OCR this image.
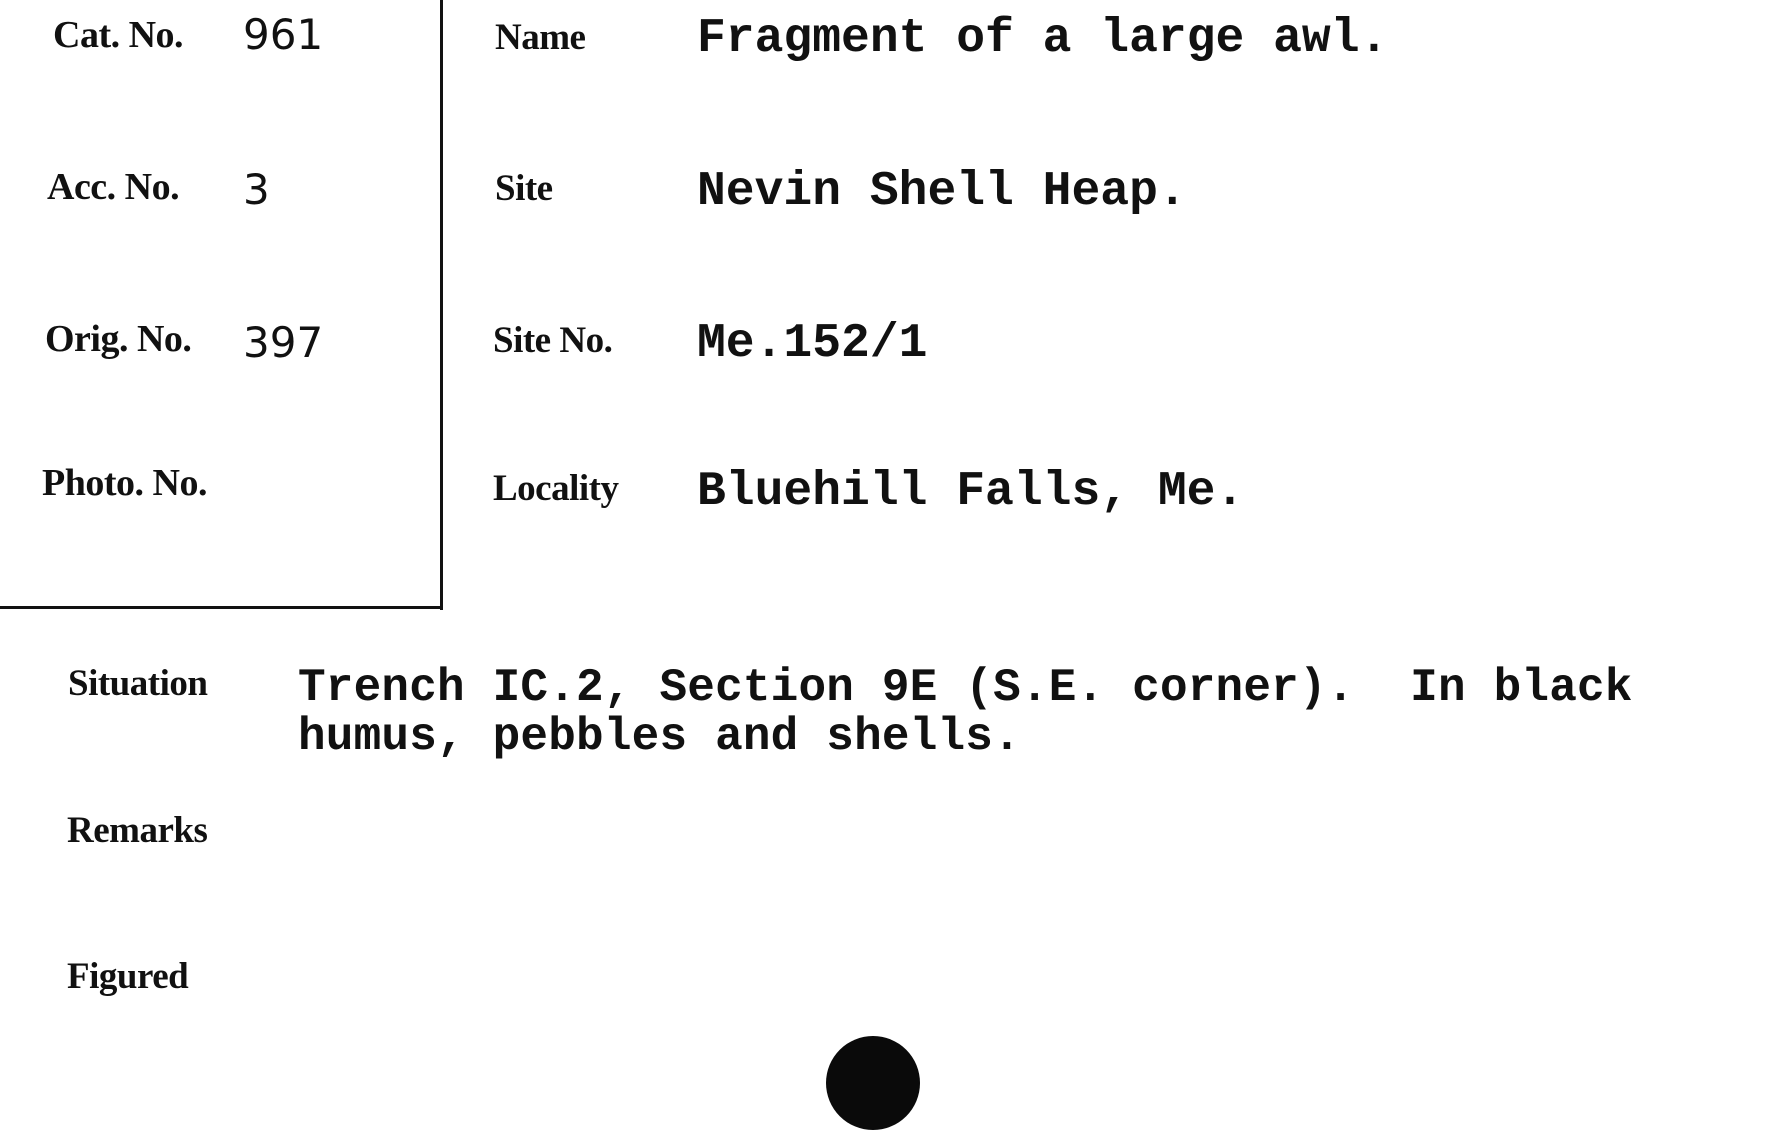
Cat. No. 961
Acc. No. 3
Orig. No. 397
Photo. No.
Name Fragment of a large awl.
Site	Nevin Shell Heap.
Site No. Me.152/1
Locality Bluehill Falls, Me.
Situation Trench IC.2, Section 9E (S.E. corner).  In black
humus, pebbles and shells.
Remarks
Figured
